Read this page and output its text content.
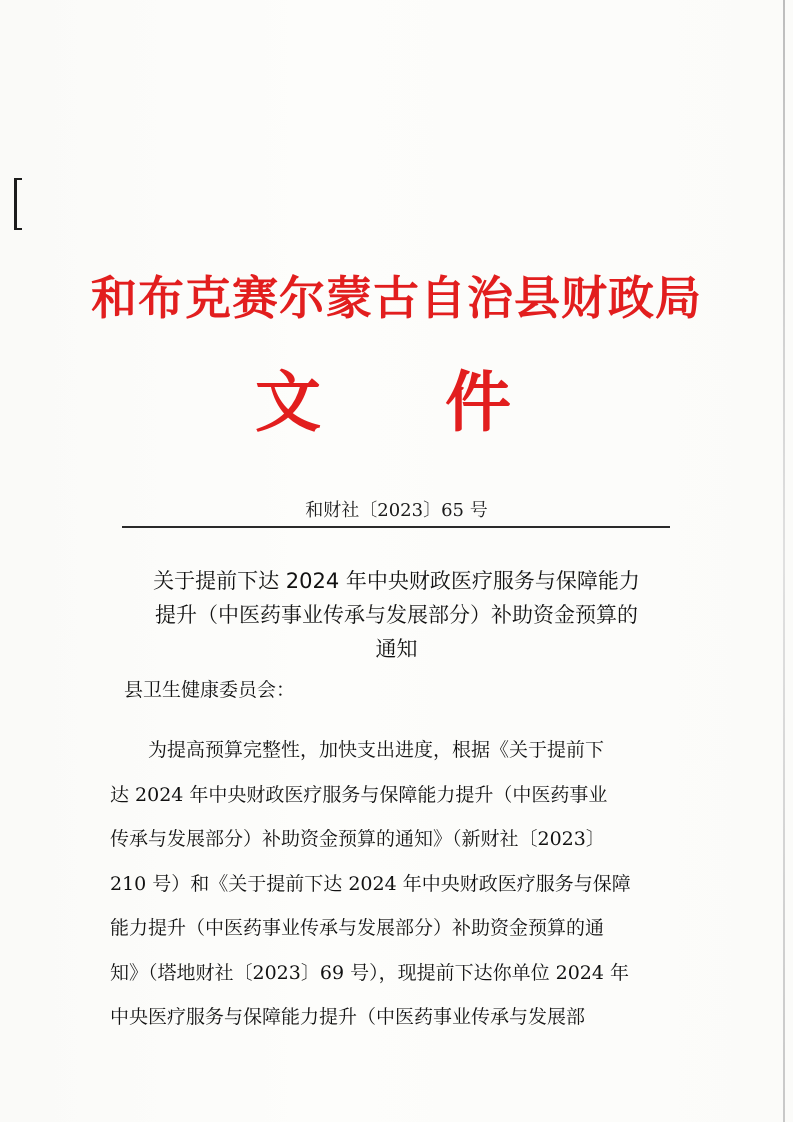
和布克赛尔蒙古自治县财政局
文 件
和财社〔2023〕65 号
关于提前下达 2024 年中央财政医疗服务与保障能力
提升（中医药事业传承与发展部分）补助资金预算的
通知
县卫生健康委员会：
为提高预算完整性，加快支出进度，根据《关于提前下
达 2024 年中央财政医疗服务与保障能力提升（中医药事业
传承与发展部分）补助资金预算的通知》（新财社〔2023〕
210 号）和《关于提前下达 2024 年中央财政医疗服务与保障
能力提升（中医药事业传承与发展部分）补助资金预算的通
知》（塔地财社〔2023〕69 号），现提前下达你单位 2024 年
中央医疗服务与保障能力提升（中医药事业传承与发展部
